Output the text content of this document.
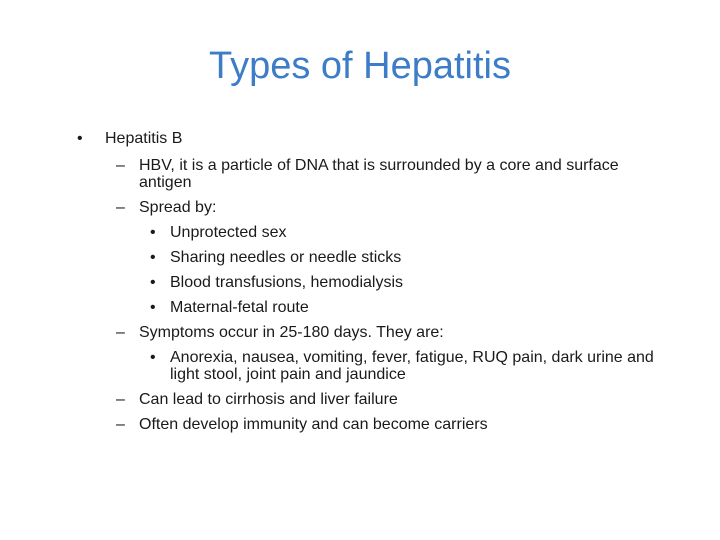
Types of Hepatitis
• Hepatitis B
– HBV, it is a particle of DNA that is surrounded by a core and surface antigen
– Spread by:
• Unprotected sex
• Sharing needles or needle sticks
• Blood transfusions, hemodialysis
• Maternal-fetal route
– Symptoms occur in 25-180 days. They are:
• Anorexia, nausea, vomiting, fever, fatigue, RUQ pain, dark urine and light stool, joint pain and jaundice
– Can lead to cirrhosis and liver failure
– Often develop immunity and can become carriers
